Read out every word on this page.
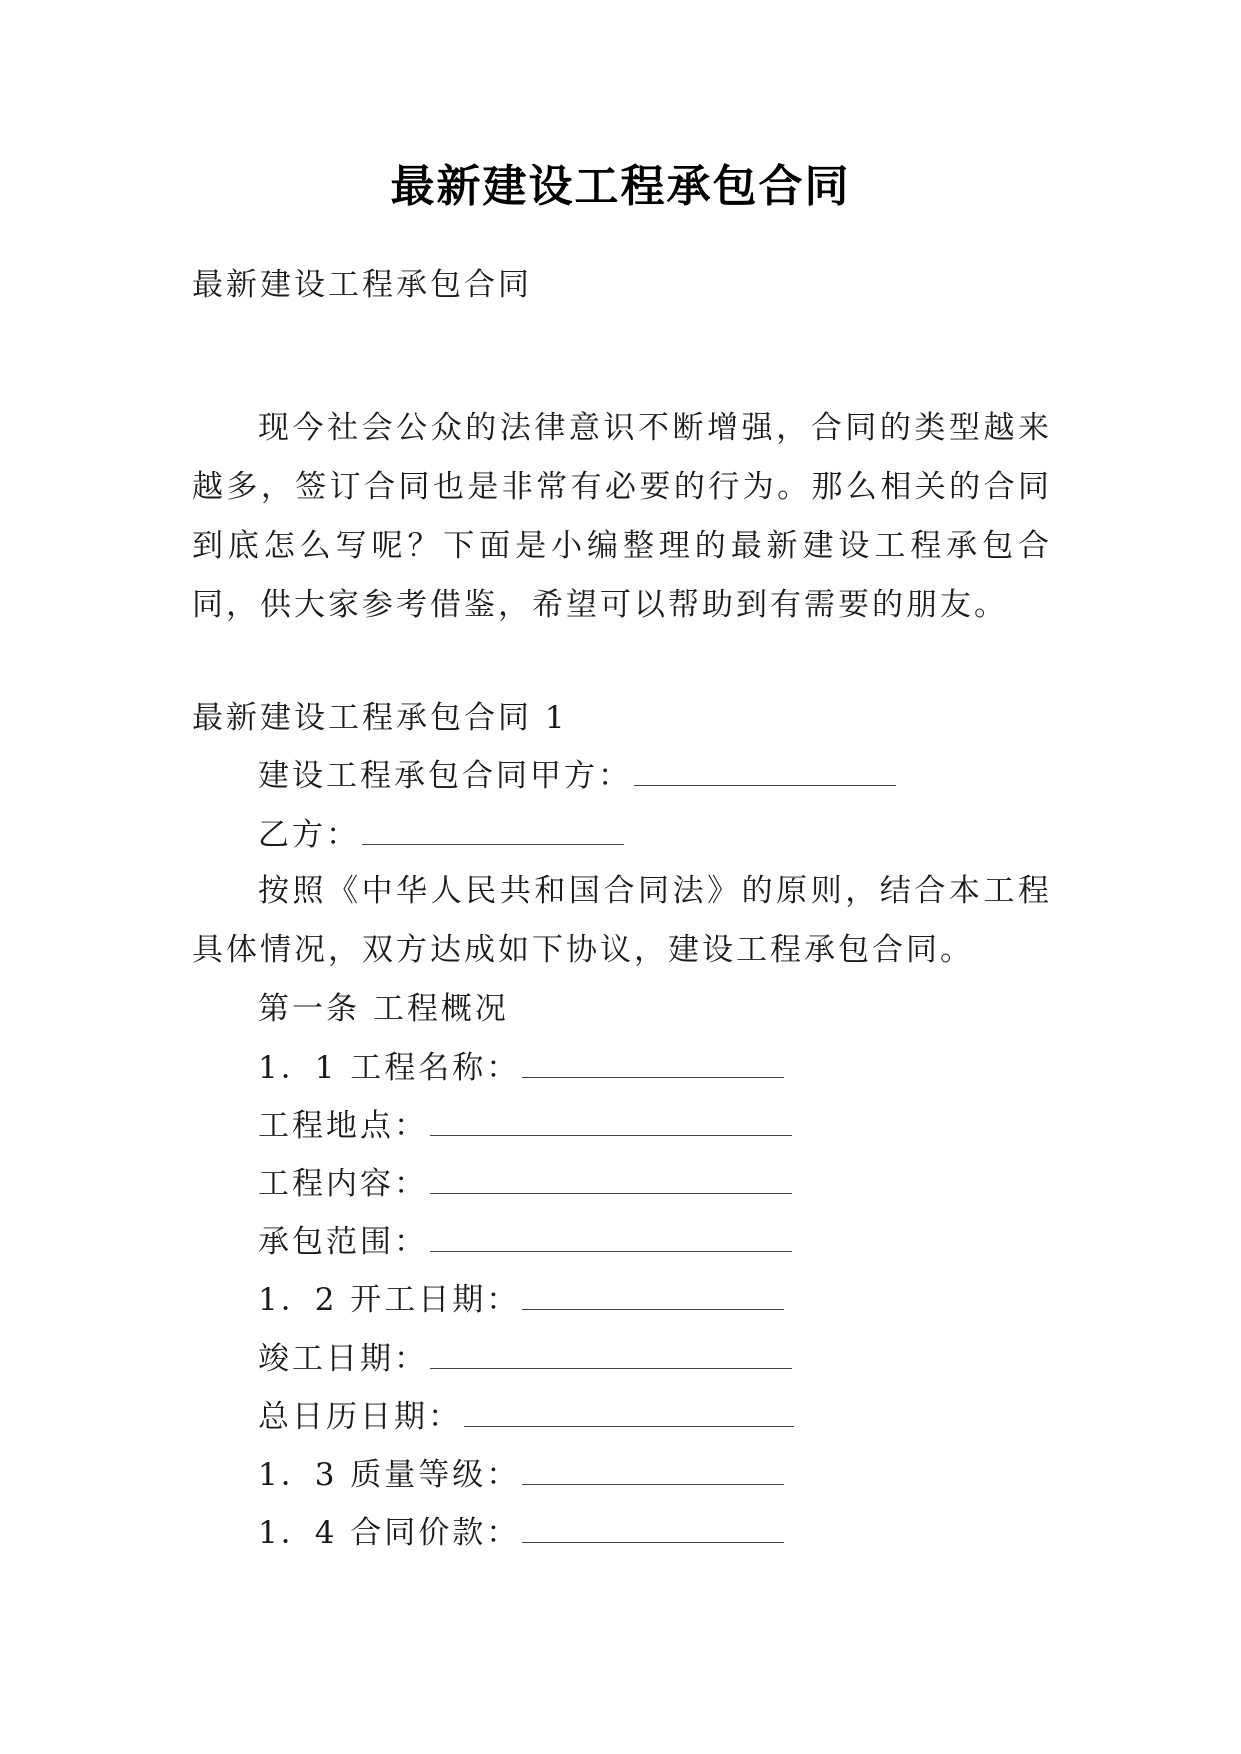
最新建设工程承包合同
最新建设工程承包合同
现今社会公众的法律意识不断增强，合同的类型越来越多，签订合同也是非常有必要的行为。那么相关的合同到底怎么写呢？下面是小编整理的最新建设工程承包合同，供大家参考借鉴，希望可以帮助到有需要的朋友。
最新建设工程承包合同 1
建设工程承包合同甲方：
乙方：
按照《中华人民共和国合同法》的原则，结合本工程具体情况，双方达成如下协议，建设工程承包合同。
第一条 工程概况
1．1 工程名称：
工程地点：
工程内容：
承包范围：
1．2 开工日期：
竣工日期：
总日历日期：
1．3 质量等级：
1．4 合同价款：
